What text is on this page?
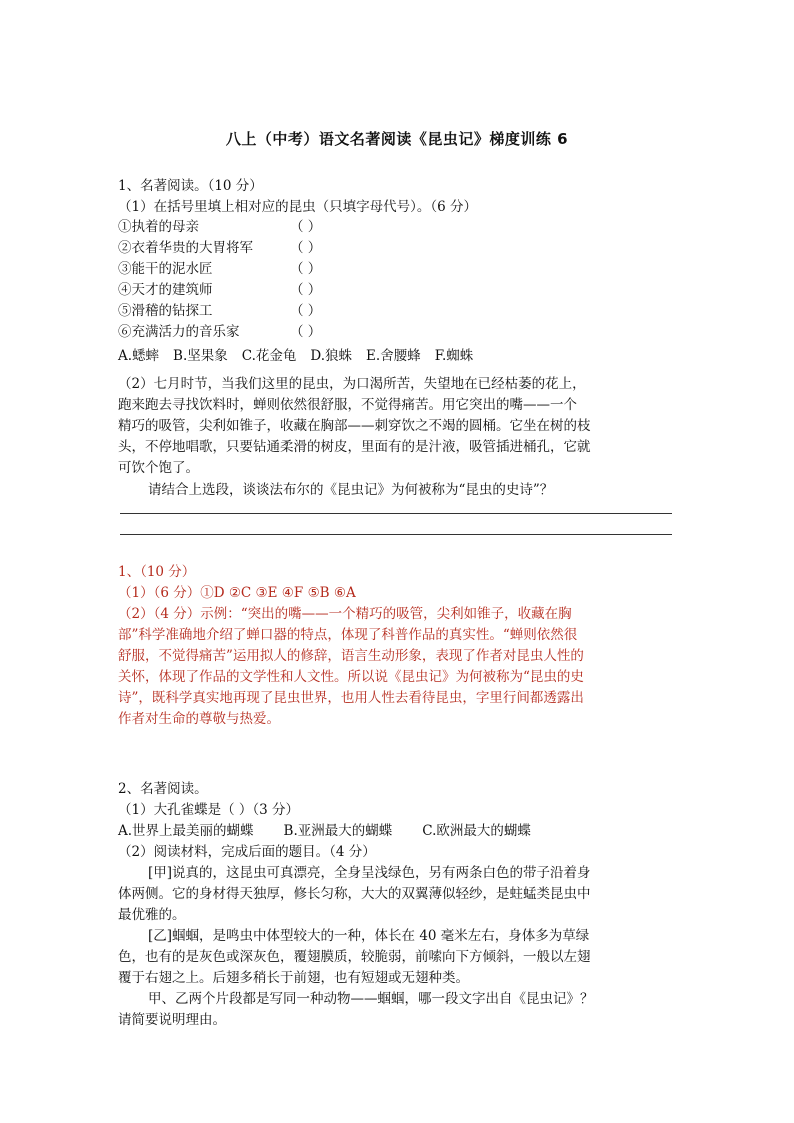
八上（中考）语文名著阅读《昆虫记》梯度训练 6
1、名著阅读。（10 分）
（1）在括号里填上相对应的昆虫（只填字母代号）。（6 分）
①执着的母亲	（ ）
②衣着华贵的大胃将军	（ ）
③能干的泥水匠	（ ）
④天才的建筑师	（ ）
⑤滑稽的钻探工	（ ）
⑥充满活力的音乐家	（ ）
A.蟋蟀 B.坚果象 C.花金龟 D.狼蛛 E.舍腰蜂 F.蜘蛛
（2）七月时节，当我们这里的昆虫，为口渴所苦，失望地在已经枯萎的花上，
跑来跑去寻找饮料时，蝉则依然很舒服，不觉得痛苦。用它突出的嘴——一个
精巧的吸管，尖利如锥子，收藏在胸部——刺穿饮之不竭的圆桶。它坐在树的枝
头，不停地唱歌，只要钻通柔滑的树皮，里面有的是汁液，吸管插进桶孔，它就
可饮个饱了。
请结合上选段，谈谈法布尔的《昆虫记》为何被称为“昆虫的史诗”？
1、（10 分）
（1）（6 分）①D ②C ③E ④F ⑤B ⑥A
（2）（4 分）示例：“突出的嘴——一个精巧的吸管，尖利如锥子，收藏在胸
部”科学准确地介绍了蝉口器的特点，体现了科普作品的真实性。“蝉则依然很
舒服，不觉得痛苦”运用拟人的修辞，语言生动形象，表现了作者对昆虫人性的
关怀，体现了作品的文学性和人文性。所以说《昆虫记》为何被称为“昆虫的史
诗”，既科学真实地再现了昆虫世界，也用人性去看待昆虫，字里行间都透露出
作者对生命的尊敬与热爱。
2、名著阅读。
（1）大孔雀蝶是（ ）（3 分）
A.世界上最美丽的蝴蝶 B.亚洲最大的蝴蝶 C.欧洲最大的蝴蝶
（2）阅读材料，完成后面的题目。（4 分）
[甲]说真的，这昆虫可真漂亮，全身呈浅绿色，另有两条白色的带子沿着身
体两侧。它的身材得天独厚，修长匀称，大大的双翼薄似轻纱，是蛀蜢类昆虫中
最优雅的。
[乙]蝈蝈，是鸣虫中体型较大的一种，体长在 40 毫米左右，身体多为草绿
色，也有的是灰色或深灰色，覆翅膜质，较脆弱，前嗦向下方倾斜，一般以左翅
覆于右翅之上。后翅多稍长于前翅，也有短翅或无翅种类。
甲、乙两个片段都是写同一种动物——蝈蝈，哪一段文字出自《昆虫记》？
请简要说明理由。
